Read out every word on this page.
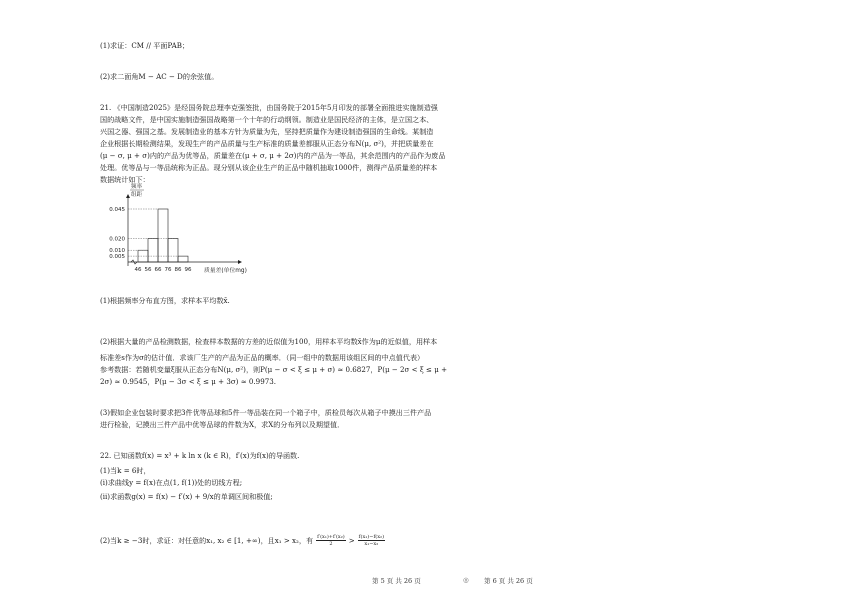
(1)求证：CM // 平面PAB；
(2)求二面角M − AC − D的余弦值。
21. 《中国制造2025》是经国务院总理李克强签批，由国务院于2015年5月印发的部署全面推进实施制造强
国的战略文件，是中国实施制造强国战略第一个十年的行动纲领。制造业是国民经济的主体，是立国之本、
兴国之器、强国之基。发展制造业的基本方针为质量为先，坚持把质量作为建设制造强国的生命线。某制造
企业根据长期检测结果，发现生产的产品质量与生产标准的质量差都服从正态分布N(μ, σ²)，并把质量差在
(μ − σ, μ + σ)内的产品为优等品，质量差在(μ + σ, μ + 2σ)内的产品为一等品，其余范围内的产品作为废品
处理。优等品与一等品统称为正品。现分别从该企业生产的正品中随机抽取1000件，测得产品质量差的样本
数据统计如下：
0.045
0.020
0.010
0.005
46 56 66 76 86 96
频率
组距
质量差(单位mg)
(1)根据频率分布直方图，求样本平均数x̄.
(2)根据大量的产品检测数据，检查样本数据的方差的近似值为100，用样本平均数x̄作为μ的近似值，用样本
标准差s作为σ的估计值．求该厂生产的产品为正品的概率．（同一组中的数据用该组区间的中点值代表）
参考数据：若随机变量ξ服从正态分布N(μ, σ²)，则P(μ − σ < ξ ≤ μ + σ) ≈ 0.6827，P(μ − 2σ < ξ ≤ μ +
2σ) ≈ 0.9545，P(μ − 3σ < ξ ≤ μ + 3σ) ≈ 0.9973.
(3)假如企业包装时要求把3件优等品球和5件一等品装在同一个箱子中，质检员每次从箱子中摸出三件产品
进行检验，记摸出三件产品中优等品球的件数为X，求X的分布列以及期望值．
22. 已知函数f(x) = x³ + k ln x (k ∈ R)，f′(x)为f(x)的导函数.
(1)当k = 6时，
(i)求曲线y = f(x)在点(1, f(1))处的切线方程;
(ii)求函数g(x) = f(x) − f′(x) + 9/x的单调区间和极值;
(2)当k ≥ −3时，求证：对任意的x₁, x₂ ∈ [1, +∞)，且x₁ > x₂，有 $\frac{\text{f′(x₁)+f′(x₂)}}{2} > \frac{\text{f(x₁)−f(x₂)}}{\text{x₁−x₂}}$
第 5 页 共 26 页	◎ 第 6 页 共 26 页
